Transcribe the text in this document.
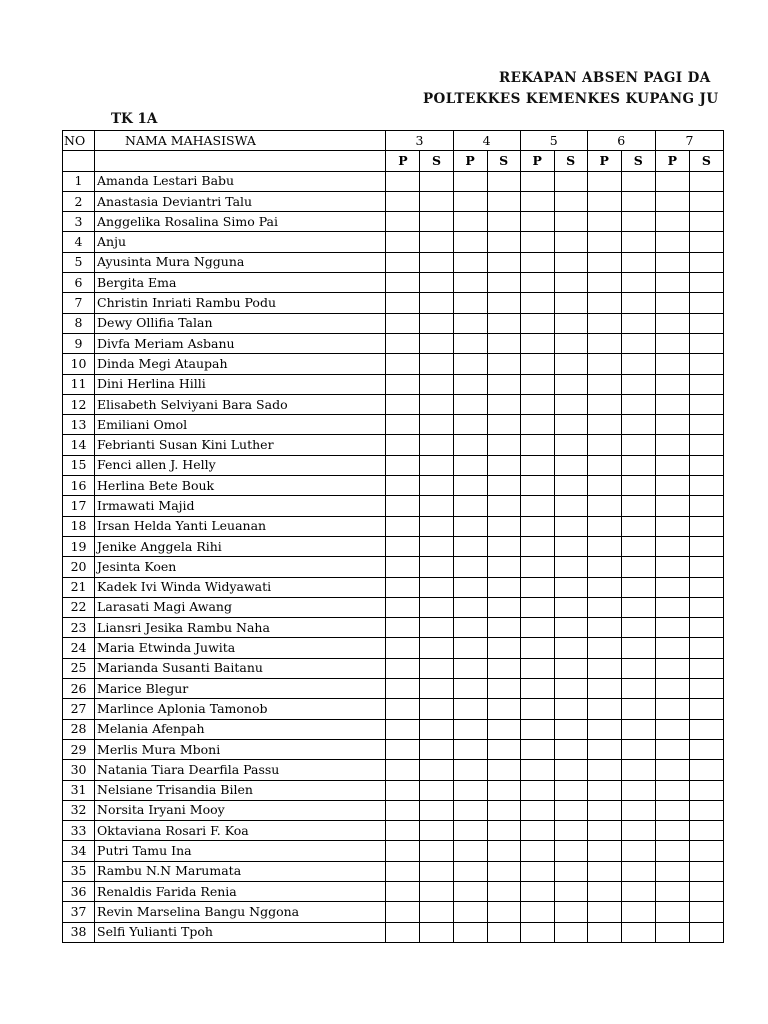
REKAPAN ABSEN PAGI DA
POLTEKKES KEMENKES KUPANG JU
TK 1A
NO	NAMA MAHASISWA	3		4		5		6		7	
		P	S	P	S	P	S	P	S	P	S
1	Amanda Lestari Babu										
2	Anastasia Deviantri Talu										
3	Anggelika Rosalina Simo Pai										
4	Anju										
5	Ayusinta Mura Ngguna										
6	Bergita Ema										
7	Christin Inriati Rambu Podu										
8	Dewy Ollifia Talan										
9	Divfa Meriam Asbanu										
10	Dinda Megi Ataupah										
11	Dini Herlina Hilli										
12	Elisabeth Selviyani Bara Sado										
13	Emiliani Omol										
14	Febrianti Susan Kini Luther										
15	Fenci allen J. Helly										
16	Herlina Bete Bouk										
17	Irmawati Majid										
18	Irsan Helda Yanti Leuanan										
19	Jenike Anggela Rihi										
20	Jesinta Koen										
21	Kadek Ivi Winda Widyawati										
22	Larasati Magi Awang										
23	Liansri Jesika Rambu Naha										
24	Maria Etwinda Juwita										
25	Marianda Susanti Baitanu										
26	Marice Blegur										
27	Marlince Aplonia Tamonob										
28	Melania Afenpah										
29	Merlis Mura Mboni										
30	Natania Tiara Dearfila Passu										
31	Nelsiane Trisandia Bilen										
32	Norsita Iryani Mooy										
33	Oktaviana Rosari F. Koa										
34	Putri Tamu Ina										
35	Rambu N.N Marumata										
36	Renaldis Farida Renia										
37	Revin Marselina Bangu Nggona										
38	Selfi Yulianti Tpoh										
